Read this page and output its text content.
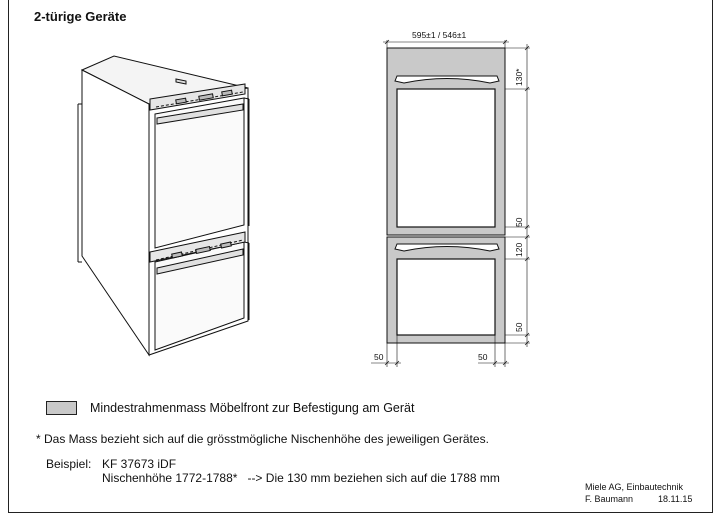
2-türige Geräte
595±1 / 546±1
130*
50
120
50
50	50
Mindestrahmenmass Möbelfront zur Befestigung am Gerät
* Das Mass bezieht sich auf die grösstmögliche Nischenhöhe des jeweiligen Gerätes.
Beispiel: KF 37673 iDF
Nischenhöhe 1772-1788*   --> Die 130 mm beziehen sich auf die 1788 mm
Miele AG, Einbautechnik
F. Baumann	18.11.15
